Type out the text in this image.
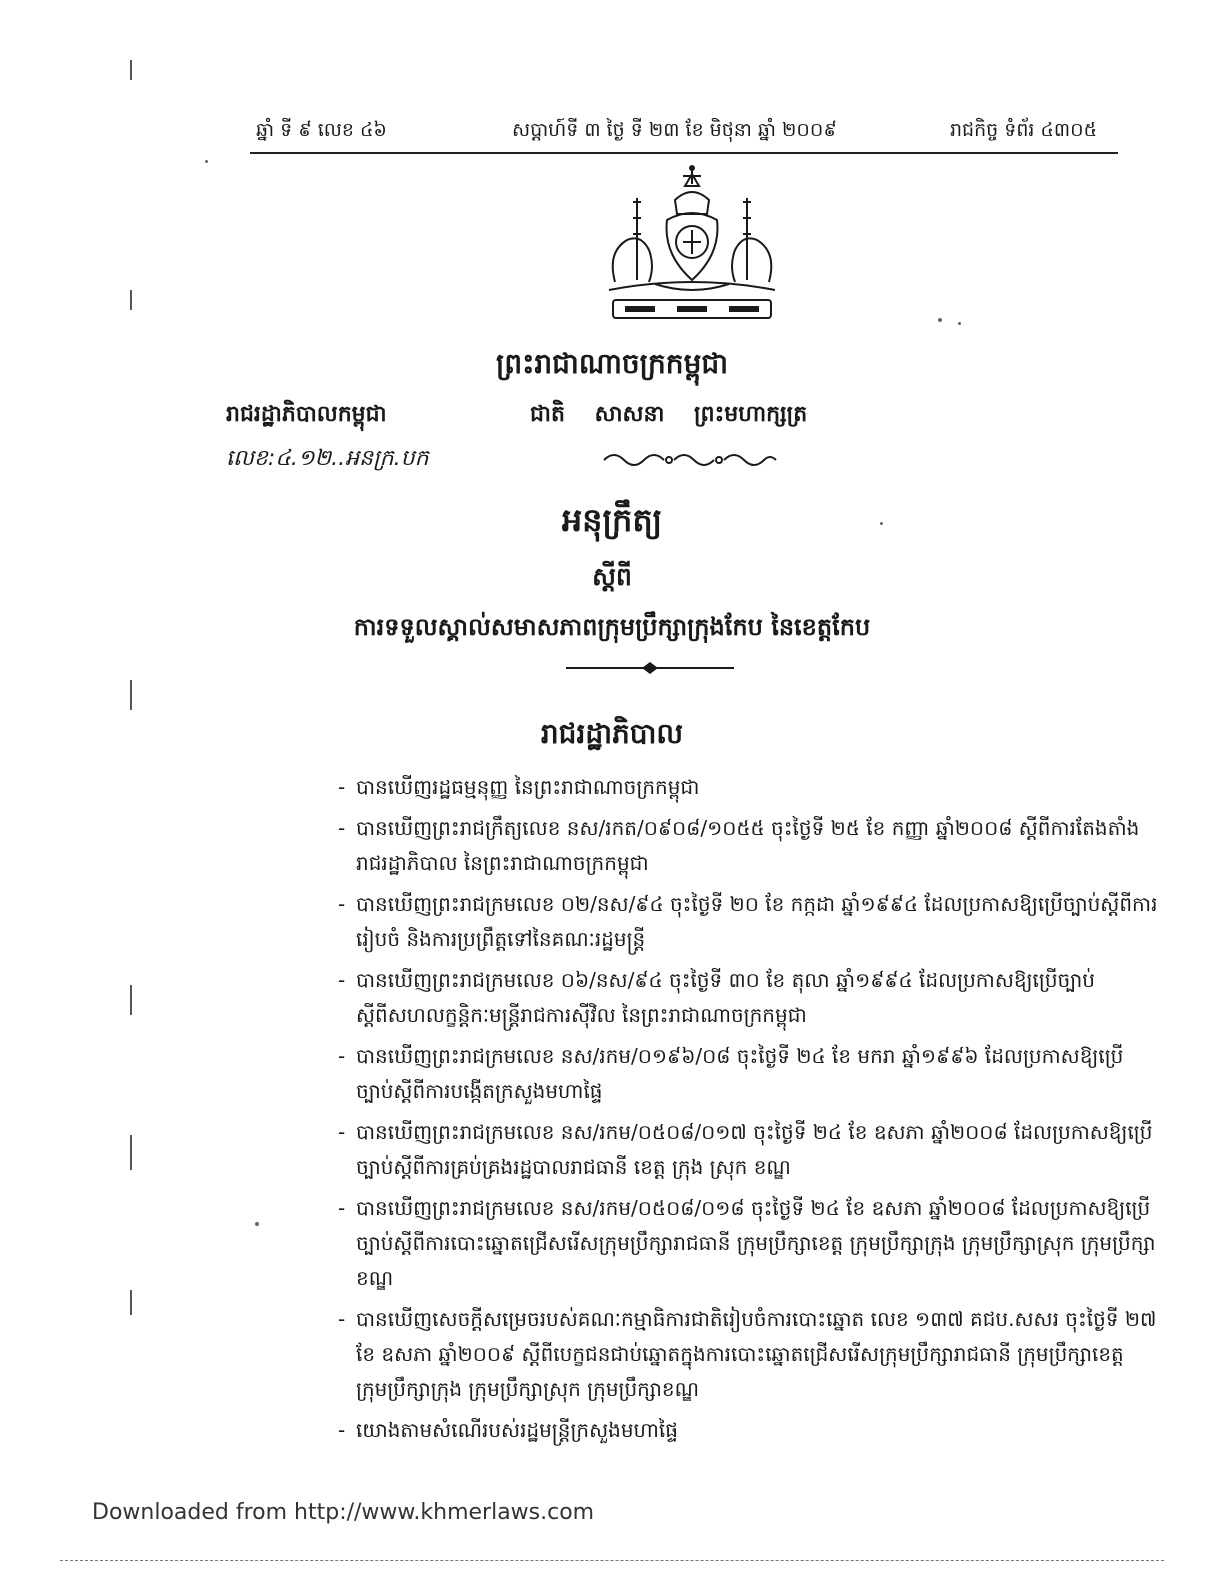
ឆ្នាំ ទី ៩ លេខ ៤៦	សប្តាហ៍ទី ៣ ថ្ងៃ ទី ២៣ ខែ មិថុនា ឆ្នាំ ២០០៩	រាជកិច្ច ទំព័រ ៤៣០៥
ព្រះរាជាណាចក្រកម្ពុជា
រាជរដ្ឋាភិបាលកម្ពុជា	ជាតិ សាសនា ព្រះមហាក្សត្រ
លេខ:៤.១២..អនក្រ.បក
អនុក្រឹត្យ
ស្តីពី
ការទទួលស្គាល់សមាសភាពក្រុមប្រឹក្សាក្រុងកែប នៃខេត្តកែប
រាជរដ្ឋាភិបាល
- បានឃើញរដ្ឋធម្មនុញ្ញ នៃព្រះរាជាណាចក្រកម្ពុជា
- បានឃើញព្រះរាជក្រឹត្យលេខ នស/រកត/០៩០៨/១០៥៥ ចុះថ្ងៃទី ២៥ ខែ កញ្ញា ឆ្នាំ២០០៨ ស្តីពីការតែងតាំងរាជរដ្ឋាភិបាល នៃព្រះរាជាណាចក្រកម្ពុជា
- បានឃើញព្រះរាជក្រមលេខ ០២/នស/៩៤ ចុះថ្ងៃទី ២០ ខែ កក្កដា ឆ្នាំ១៩៩៤ ដែលប្រកាសឱ្យប្រើច្បាប់ស្តីពីការរៀបចំ និងការប្រព្រឹត្តទៅនៃគណៈរដ្ឋមន្ត្រី
- បានឃើញព្រះរាជក្រមលេខ ០៦/នស/៩៤ ចុះថ្ងៃទី ៣០ ខែ តុលា ឆ្នាំ១៩៩៤ ដែលប្រកាសឱ្យប្រើច្បាប់ស្តីពីសហលក្ខន្តិកៈមន្ត្រីរាជការស៊ីវិល នៃព្រះរាជាណាចក្រកម្ពុជា
- បានឃើញព្រះរាជក្រមលេខ នស/រកម/០១៩៦/០៨ ចុះថ្ងៃទី ២៤ ខែ មករា ឆ្នាំ១៩៩៦ ដែលប្រកាសឱ្យប្រើច្បាប់ស្តីពីការបង្កើតក្រសួងមហាផ្ទៃ
- បានឃើញព្រះរាជក្រមលេខ នស/រកម/០៥០៨/០១៧ ចុះថ្ងៃទី ២៤ ខែ ឧសភា ឆ្នាំ២០០៨ ដែលប្រកាសឱ្យប្រើច្បាប់ស្តីពីការគ្រប់គ្រងរដ្ឋបាលរាជធានី ខេត្ត ក្រុង ស្រុក ខណ្ឌ
- បានឃើញព្រះរាជក្រមលេខ នស/រកម/០៥០៨/០១៨ ចុះថ្ងៃទី ២៤ ខែ ឧសភា ឆ្នាំ២០០៨ ដែលប្រកាសឱ្យប្រើច្បាប់ស្តីពីការបោះឆ្នោតជ្រើសរើសក្រុមប្រឹក្សារាជធានី ក្រុមប្រឹក្សាខេត្ត ក្រុមប្រឹក្សាក្រុង ក្រុមប្រឹក្សាស្រុក ក្រុមប្រឹក្សាខណ្ឌ
- បានឃើញសេចក្តីសម្រេចរបស់គណៈកម្មាធិការជាតិរៀបចំការបោះឆ្នោត លេខ ១៣៧ គជប.សសរ ចុះថ្ងៃទី ២៧ ខែ ឧសភា ឆ្នាំ២០០៩ ស្តីពីបេក្ខជនជាប់ឆ្នោតក្នុងការបោះឆ្នោតជ្រើសរើសក្រុមប្រឹក្សារាជធានី ក្រុមប្រឹក្សាខេត្ត ក្រុមប្រឹក្សាក្រុង ក្រុមប្រឹក្សាស្រុក ក្រុមប្រឹក្សាខណ្ឌ
- យោងតាមសំណើរបស់រដ្ឋមន្ត្រីក្រសួងមហាផ្ទៃ
Downloaded from http://www.khmerlaws.com
